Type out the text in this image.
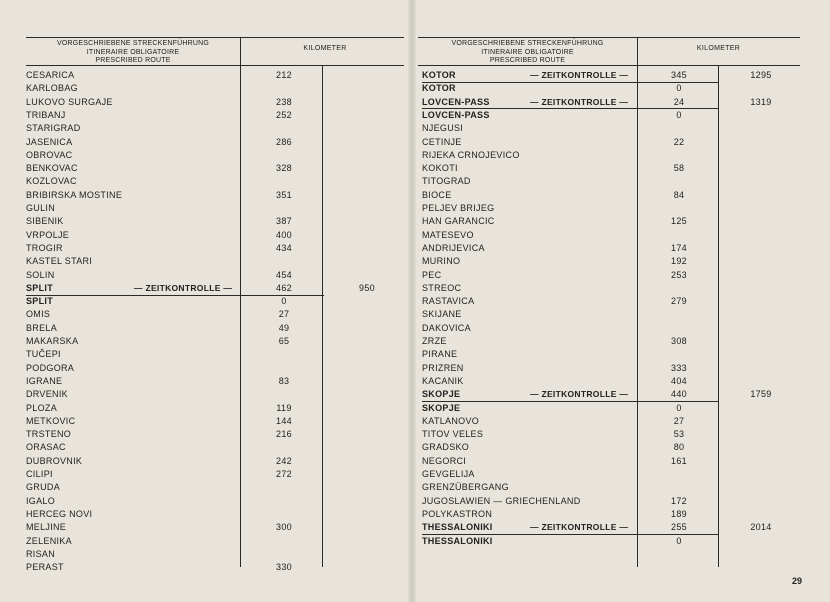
VORGESCHRIEBENE STRECKENFÜHRUNG
ITINERAIRE OBLIGATOIRE
PRESCRIBED ROUTE
KILOMETER
CESARICA	212
KARLOBAG
LUKOVO SURGAJE	238
TRIBANJ	252
STARIGRAD
JASENICA	286
OBROVAC
BENKOVAC	328
KOZLOVAC
BRIBIRSKA MOSTINE	351
GULIN
SIBENIK	387
VRPOLJE	400
TROGIR	434
KASTEL STARI
SOLIN	454
SPLIT	— ZEITKONTROLLE —	462	950
SPLIT	0
OMIS	27
BRELA	49
MAKARSKA	65
TUČEPI
PODGORA
IGRANE	83
DRVENIK
PLOZA	119
METKOVIC	144
TRSTENO	216
ORASAC
DUBROVNIK	242
CILIPI	272
GRUDA
IGALO
HERCEG NOVI
MELJINE	300
ZELENIKA
RISAN
PERAST	330
VORGESCHRIEBENE STRECKENFÜHRUNG
ITINERAIRE OBLIGATOIRE
PRESCRIBED ROUTE
KILOMETER
KOTOR	— ZEITKONTROLLE —	345	1295
KOTOR	0
LOVCEN-PASS	— ZEITKONTROLLE —	24	1319
LOVCEN-PASS	0
NJEGUSI
CETINJE	22
RIJEKA CRNOJEVICO
KOKOTI	58
TITOGRAD
BIOCE	84
PELJEV BRIJEG
HAN GARANCIC	125
MATESEVO
ANDRIJEVICA	174
MURINO	192
PEC	253
STREOC
RASTAVICA	279
SKIJANE
DAKOVICA
ZRZE	308
PIRANE
PRIZREN	333
KACANIK	404
SKOPJE	— ZEITKONTROLLE —	440	1759
SKOPJE	0
KATLANOVO	27
TITOV VELES	53
GRADSKO	80
NEGORCI	161
GEVGELIJA
GRENZÜBERGANG
JUGOSLAWIEN — GRIECHENLAND	172
POLYKASTRON	189
THESSALONIKI	— ZEITKONTROLLE —	255	2014
THESSALONIKI	0
29
